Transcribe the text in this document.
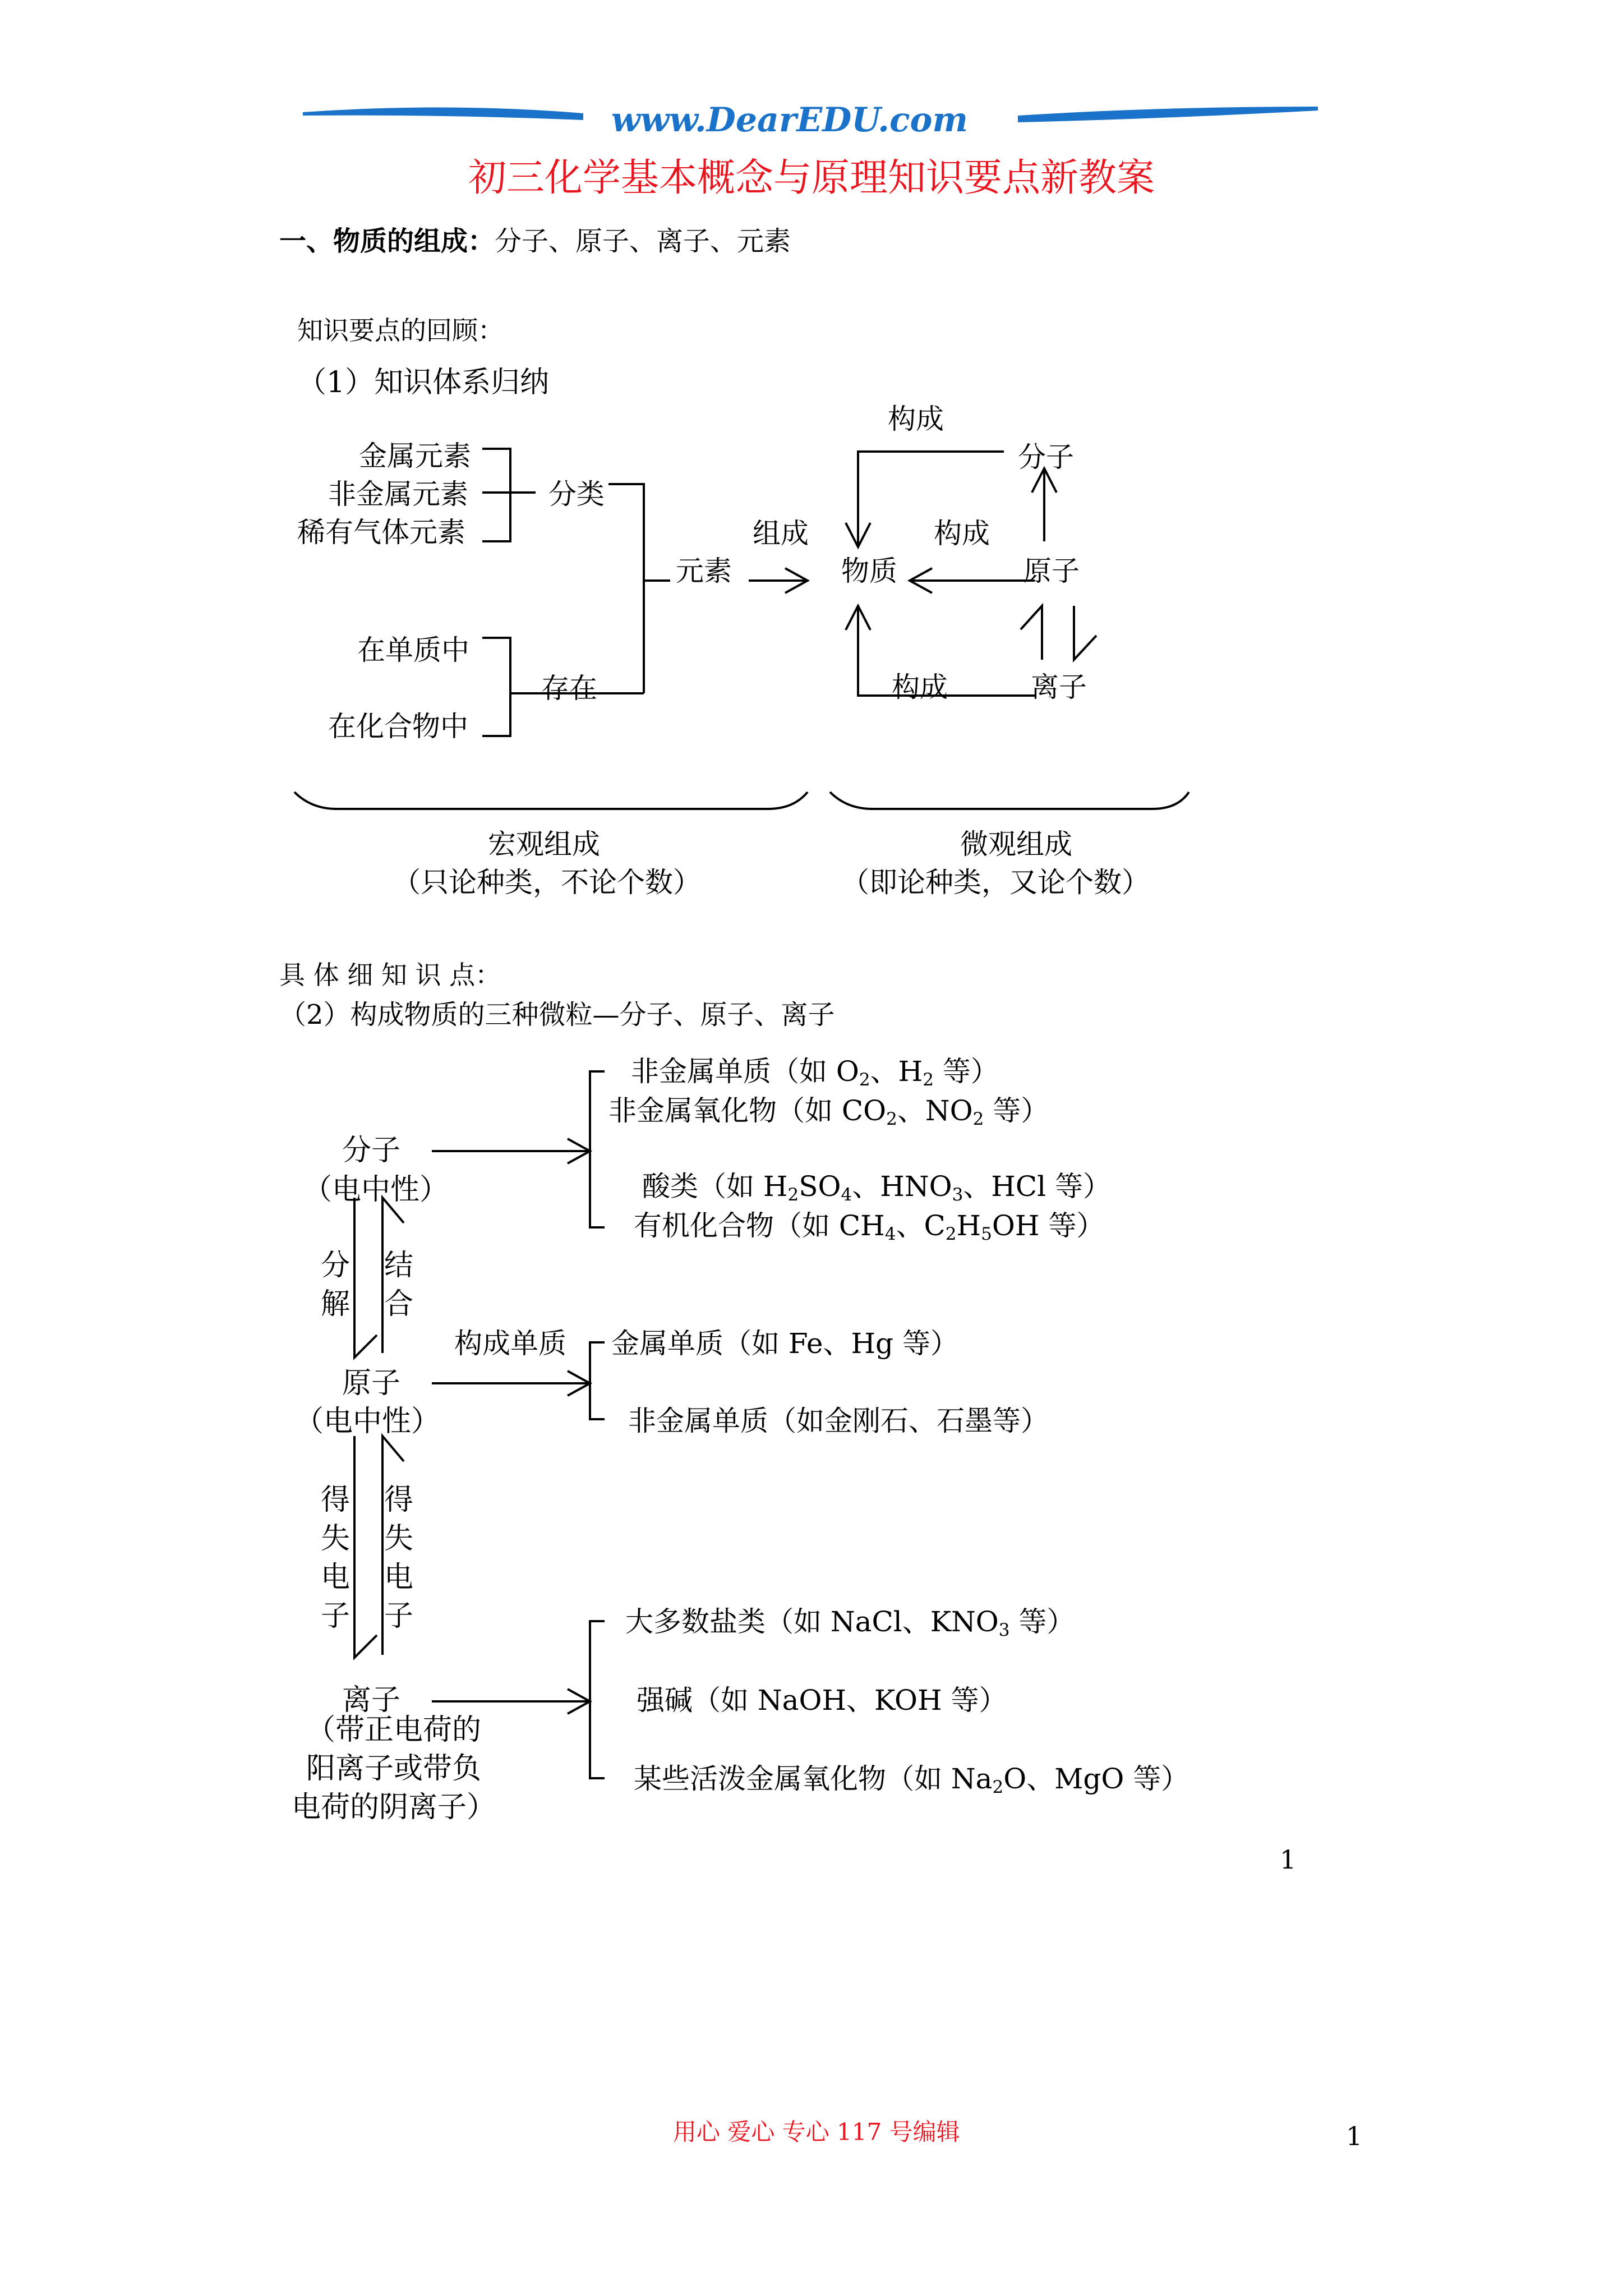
www.DearEDU.com
初三化学基本概念与原理知识要点新教案
一、物质的组成：分子、原子、离子、元素
知识要点的回顾：
（1）知识体系归纳
金属元素
非金属元素
稀有气体元素
分类
在单质中
在化合物中
存在
元素
组成
物质
构成
构成
构成
分子
原子
离子
宏观组成
（只论种类，不论个数）
微观组成
（即论种类，又论个数）
具 体 细 知 识 点：
（2）构成物质的三种微粒—分子、原子、离子
分子
（电中性）
分
解
结
合
原子
（电中性）
得
失
电
子
得
失
电
子
离子
（带正电荷的
阳离子或带负
电荷的阴离子）
构成单质
非金属单质（如 $O_2$、$H_2$ 等）
非金属氧化物（如 $CO_2$、$NO_2$ 等）
酸类（如 $H_2SO_4$、$HNO_3$、HCl 等）
有机化合物（如 $CH_4$、$C_2H_5OH$ 等）
金属单质（如 Fe、Hg 等）
非金属单质（如金刚石、石墨等）
大多数盐类（如 NaCl、$KNO_3$ 等）
强碱（如 NaOH、KOH 等）
某些活泼金属氧化物（如 $Na_2O$、MgO 等）
1
用心 爱心 专心 117 号编辑	1
